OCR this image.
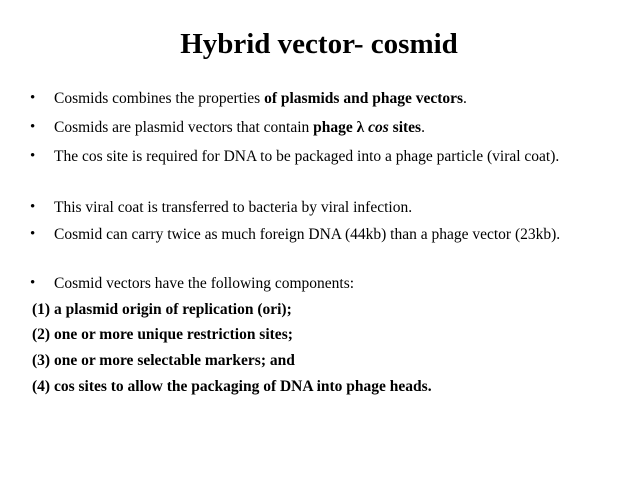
Hybrid vector- cosmid
• Cosmids combines the properties of plasmids and phage vectors.
• Cosmids are plasmid vectors that contain phage λ cos sites.
• The cos site is required for DNA to be packaged into a phage particle (viral coat).
• This viral coat is transferred to bacteria by viral infection.
• Cosmid can carry twice as much foreign DNA (44kb) than a phage vector (23kb).
• Cosmid vectors have the following components:
(1) a plasmid origin of replication (ori);
(2) one or more unique restriction sites;
(3) one or more selectable markers; and
(4) cos sites to allow the packaging of DNA into phage heads.
